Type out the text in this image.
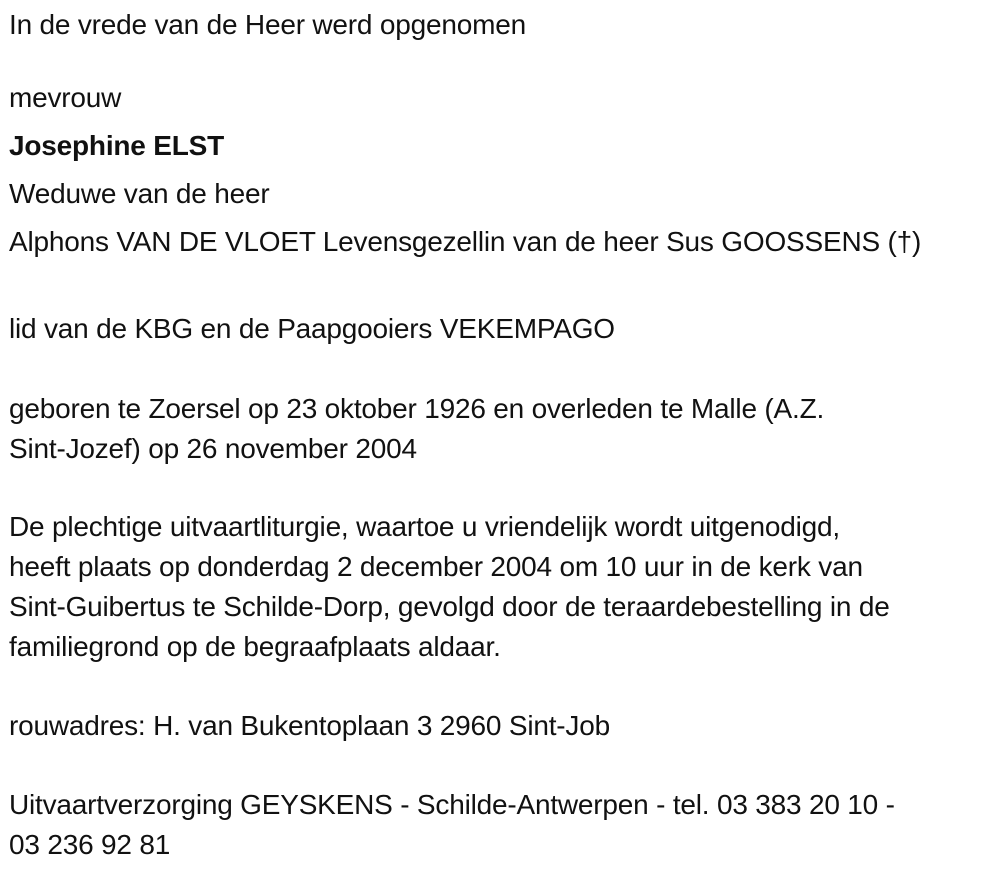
In de vrede van de Heer werd opgenomen
mevrouw
Josephine ELST
Weduwe van de heer
Alphons VAN DE VLOET Levensgezellin van de heer Sus GOOSSENS (†)
lid van de KBG en de Paapgooiers VEKEMPAGO
geboren te Zoersel op 23 oktober 1926 en overleden te Malle (A.Z.
Sint-Jozef) op 26 november 2004
De plechtige uitvaartliturgie, waartoe u vriendelijk wordt uitgenodigd,
heeft plaats op donderdag 2 december 2004 om 10 uur in de kerk van
Sint-Guibertus te Schilde-Dorp, gevolgd door de teraardebestelling in de
familiegrond op de begraafplaats aldaar.
rouwadres: H. van Bukentoplaan 3 2960 Sint-Job
Uitvaartverzorging GEYSKENS - Schilde-Antwerpen - tel. 03 383 20 10 -
03 236 92 81
